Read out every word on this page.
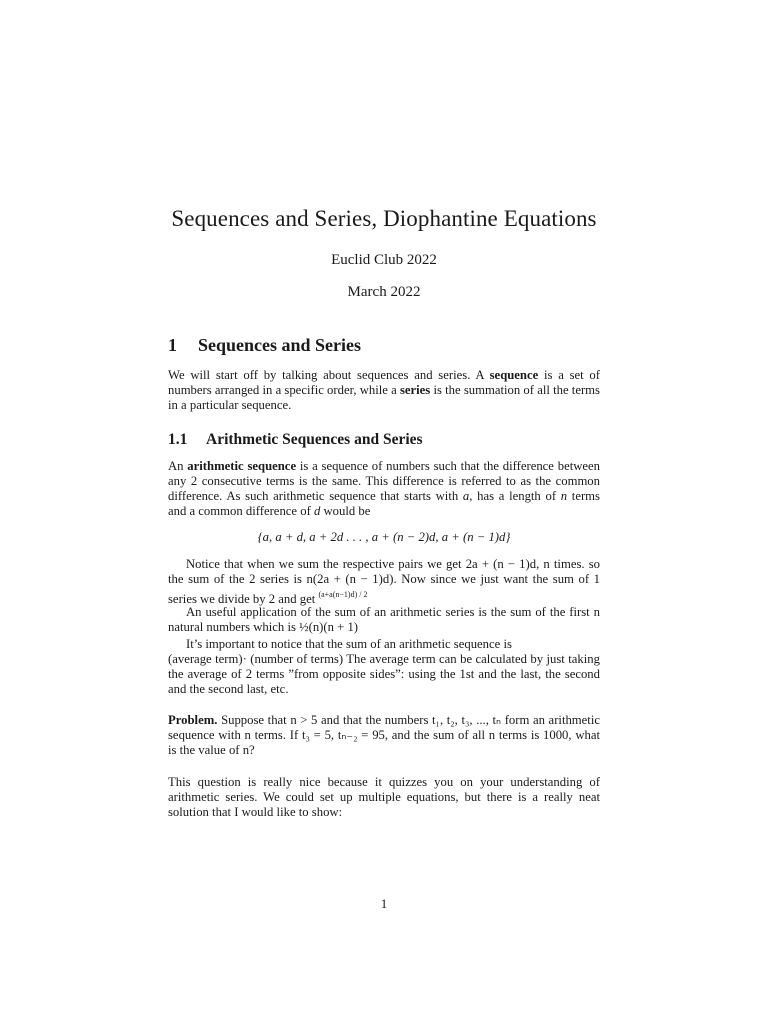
Sequences and Series, Diophantine Equations
Euclid Club 2022
March 2022
1 Sequences and Series
We will start off by talking about sequences and series. A sequence is a set of numbers arranged in a specific order, while a series is the summation of all the terms in a particular sequence.
1.1 Arithmetic Sequences and Series
An arithmetic sequence is a sequence of numbers such that the difference between any 2 consecutive terms is the same. This difference is referred to as the common difference. As such arithmetic sequence that starts with a, has a length of n terms and a common difference of d would be
{a, a + d, a + 2d . . . , a + (n − 2)d, a + (n − 1)d}
Notice that when we sum the respective pairs we get 2a + (n − 1)d, n times. so the sum of the 2 series is n(2a + (n − 1)d). Now since we just want the sum of 1 series we divide by 2 and get $^{(a+a(n-1)d) / 2}$
An useful application of the sum of an arithmetic series is the sum of the first n natural numbers which is ½(n)(n + 1)
It’s important to notice that the sum of an arithmetic sequence is
(average term)· (number of terms) The average term can be calculated by just taking the average of 2 terms ”from opposite sides”: using the 1st and the last, the second and the second last, etc.
Problem. Suppose that n > 5 and that the numbers t₁, t₂, t₃, ..., tₙ form an arithmetic sequence with n terms. If t₃ = 5, tₙ₋₂ = 95, and the sum of all n terms is 1000, what is the value of n?
This question is really nice because it quizzes you on your understanding of arithmetic series. We could set up multiple equations, but there is a really neat solution that I would like to show:
1
